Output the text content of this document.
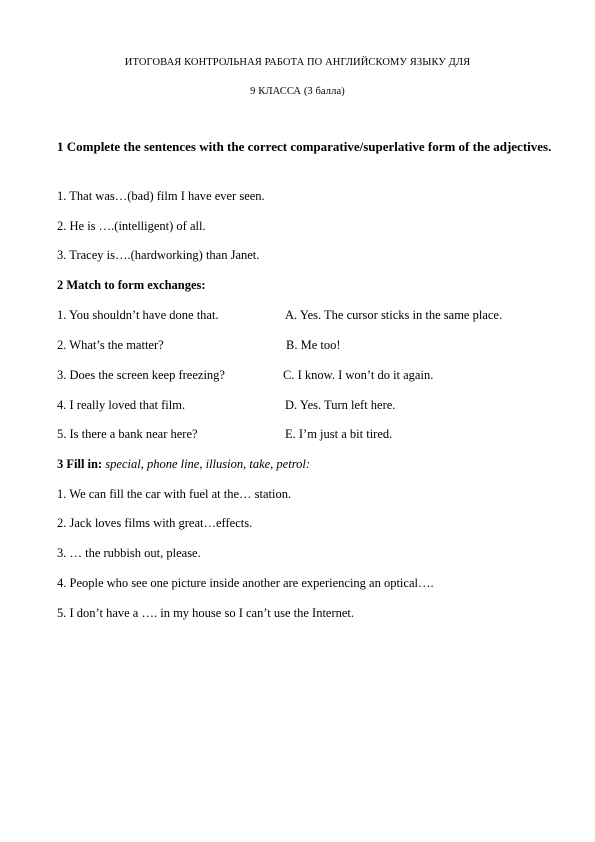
ИТОГОВАЯ КОНТРОЛЬНАЯ РАБОТА ПО АНГЛИЙСКОМУ ЯЗЫКУ ДЛЯ
9 КЛАССА (3 балла)
1 Complete the sentences with the correct comparative/superlative form of the adjectives.
1. That was…(bad) film I have ever seen.
2. He is ….(intelligent) of all.
3. Tracey is….(hardworking) than Janet.
2 Match to form exchanges:
1. You shouldn’t have done that.	A. Yes. The cursor sticks in the same place.
2. What’s the matter?	B. Me too!
3. Does the screen keep freezing?	C. I know. I won’t do it again.
4. I really loved that film.	D. Yes. Turn left here.
5. Is there a bank near here?	E. I’m just a bit tired.
3 Fill in: special, phone line, illusion, take, petrol:
1. We can fill the car with fuel at the… station.
2. Jack loves films with great…effects.
3. … the rubbish out, please.
4. People who see one picture inside another are experiencing an optical….
5. I don’t have a …. in my house so I can’t use the Internet.
